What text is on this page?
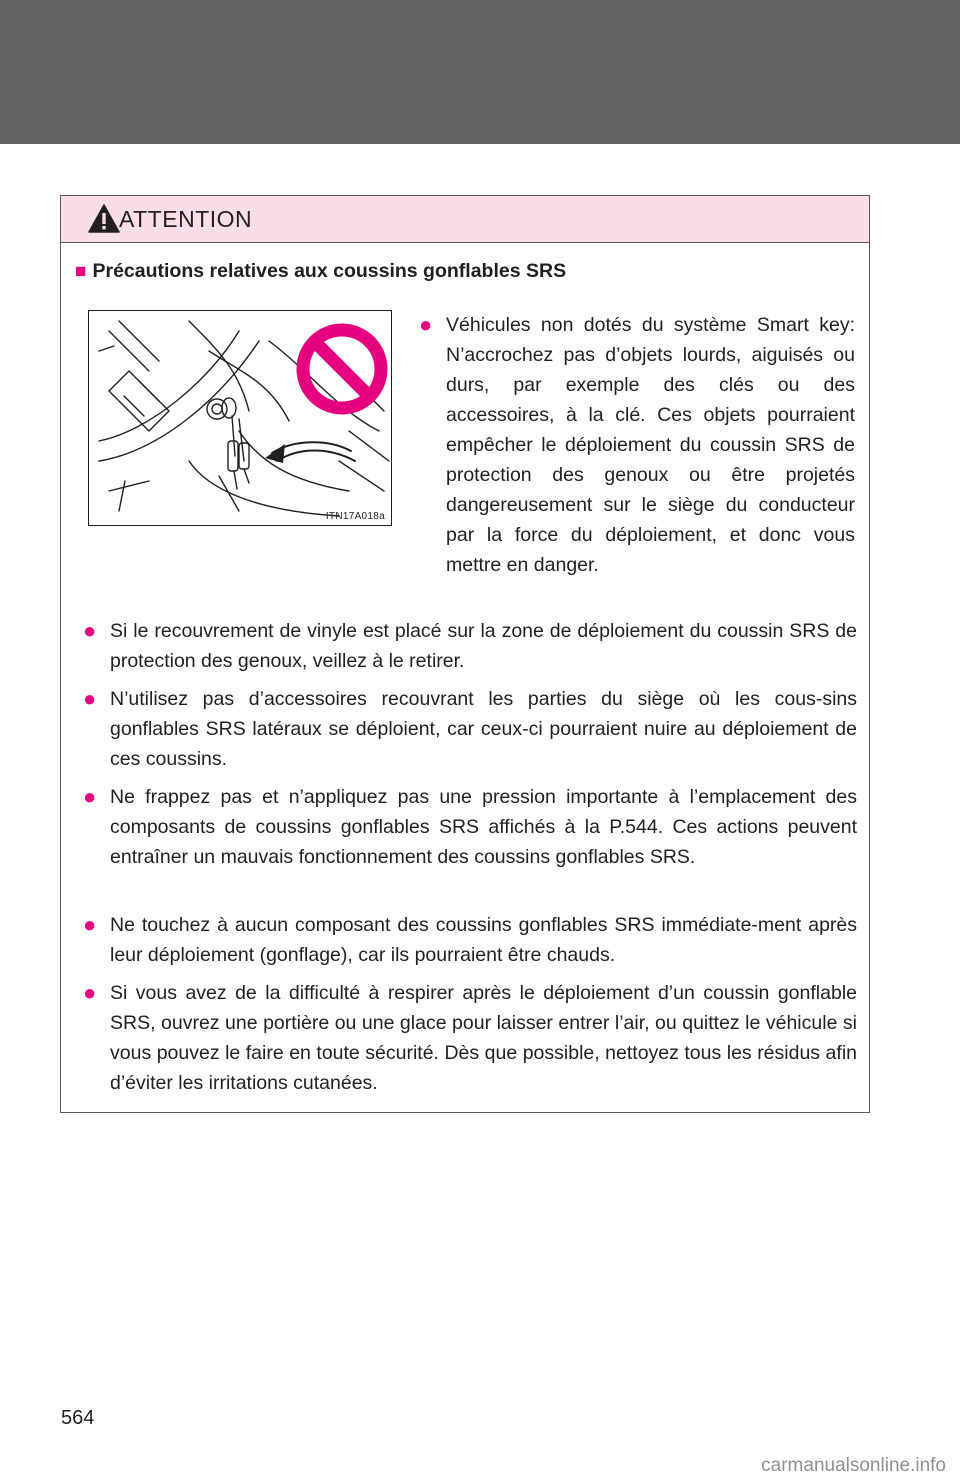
ATTENTION
■ Précautions relatives aux coussins gonflables SRS
ITN17A018a
● Véhicules non dotés du système Smart key: N’accrochez pas d’objets lourds, aiguisés ou durs, par exemple des clés ou des accessoires, à la clé. Ces objets pourraient empêcher le déploiement du coussin SRS de protection des genoux ou être projetés dangereusement sur le siège du conducteur par la force du déploiement, et donc vous mettre en danger.
● Si le recouvrement de vinyle est placé sur la zone de déploiement du coussin SRS de protection des genoux, veillez à le retirer.
● N’utilisez pas d’accessoires recouvrant les parties du siège où les cous-sins gonflables SRS latéraux se déploient, car ceux-ci pourraient nuire au déploiement de ces coussins.
● Ne frappez pas et n’appliquez pas une pression importante à l’emplacement des composants de coussins gonflables SRS affichés à la P.544. Ces actions peuvent entraîner un mauvais fonctionnement des coussins gonflables SRS.
● Ne touchez à aucun composant des coussins gonflables SRS immédiate-ment après leur déploiement (gonflage), car ils pourraient être chauds.
● Si vous avez de la difficulté à respirer après le déploiement d’un coussin gonflable SRS, ouvrez une portière ou une glace pour laisser entrer l’air, ou quittez le véhicule si vous pouvez le faire en toute sécurité. Dès que possible, nettoyez tous les résidus afin d’éviter les irritations cutanées.
564
carmanualsonline.info
